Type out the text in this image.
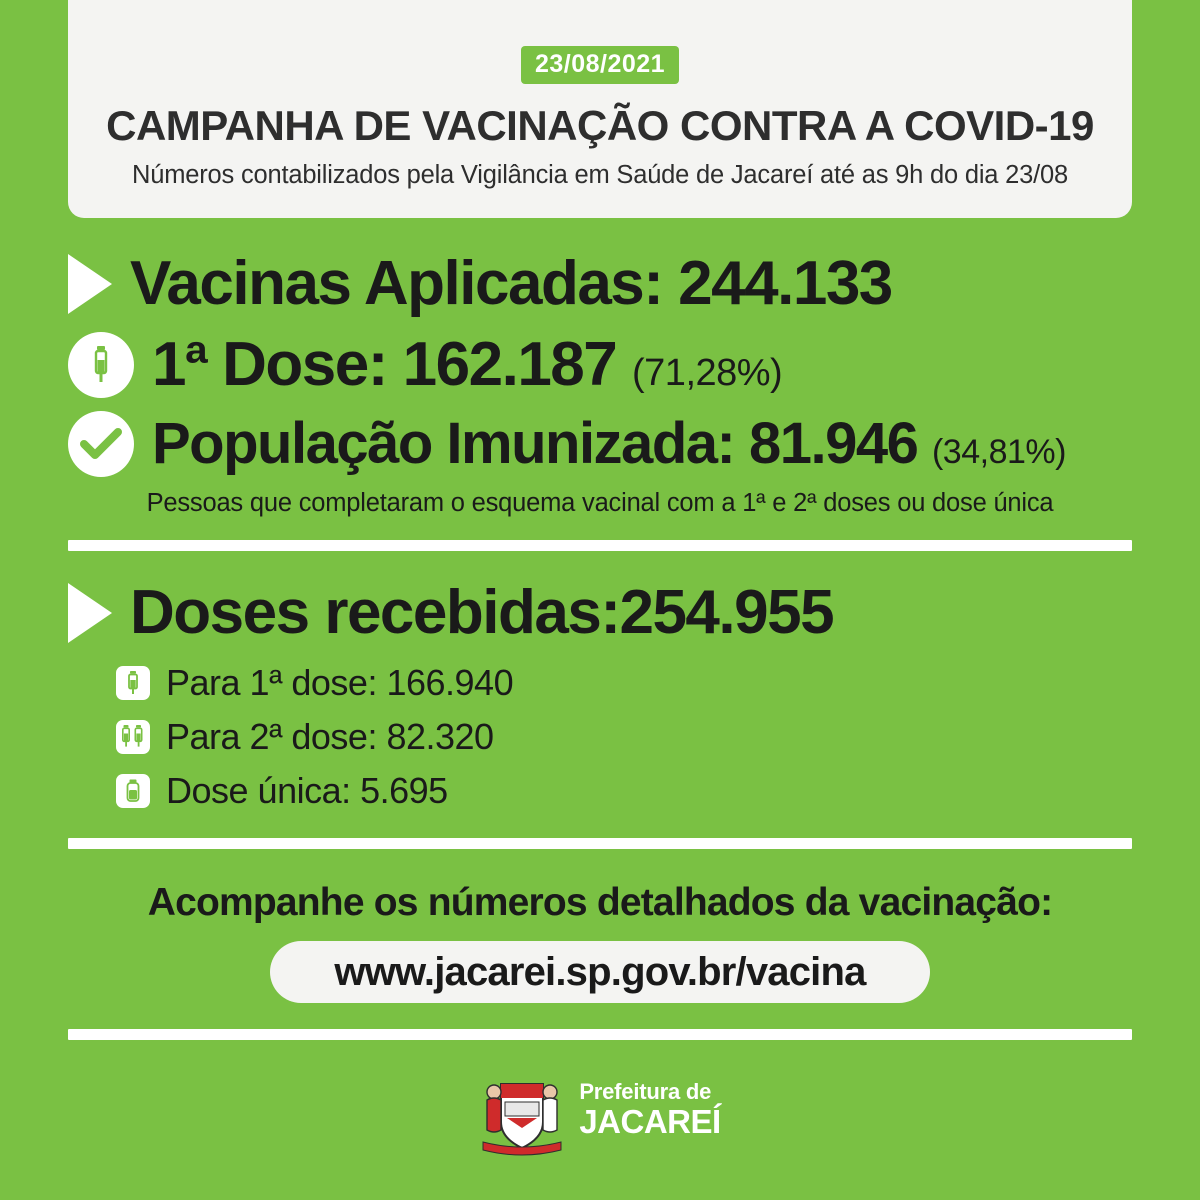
23/08/2021
CAMPANHA DE VACINAÇÃO CONTRA A COVID-19
Números contabilizados pela Vigilância em Saúde de Jacareí até as 9h do dia 23/08
Vacinas Aplicadas: 244.133
1ª Dose: 162.187 (71,28%)
População Imunizada: 81.946 (34,81%)
Pessoas que completaram o esquema vacinal com a 1ª e 2ª doses ou dose única
Doses recebidas:254.955
Para 1ª dose: 166.940
Para 2ª dose: 82.320
Dose única: 5.695
Acompanhe os números detalhados da vacinação:
www.jacarei.sp.gov.br/vacina
Prefeitura de
JACAREÍ
